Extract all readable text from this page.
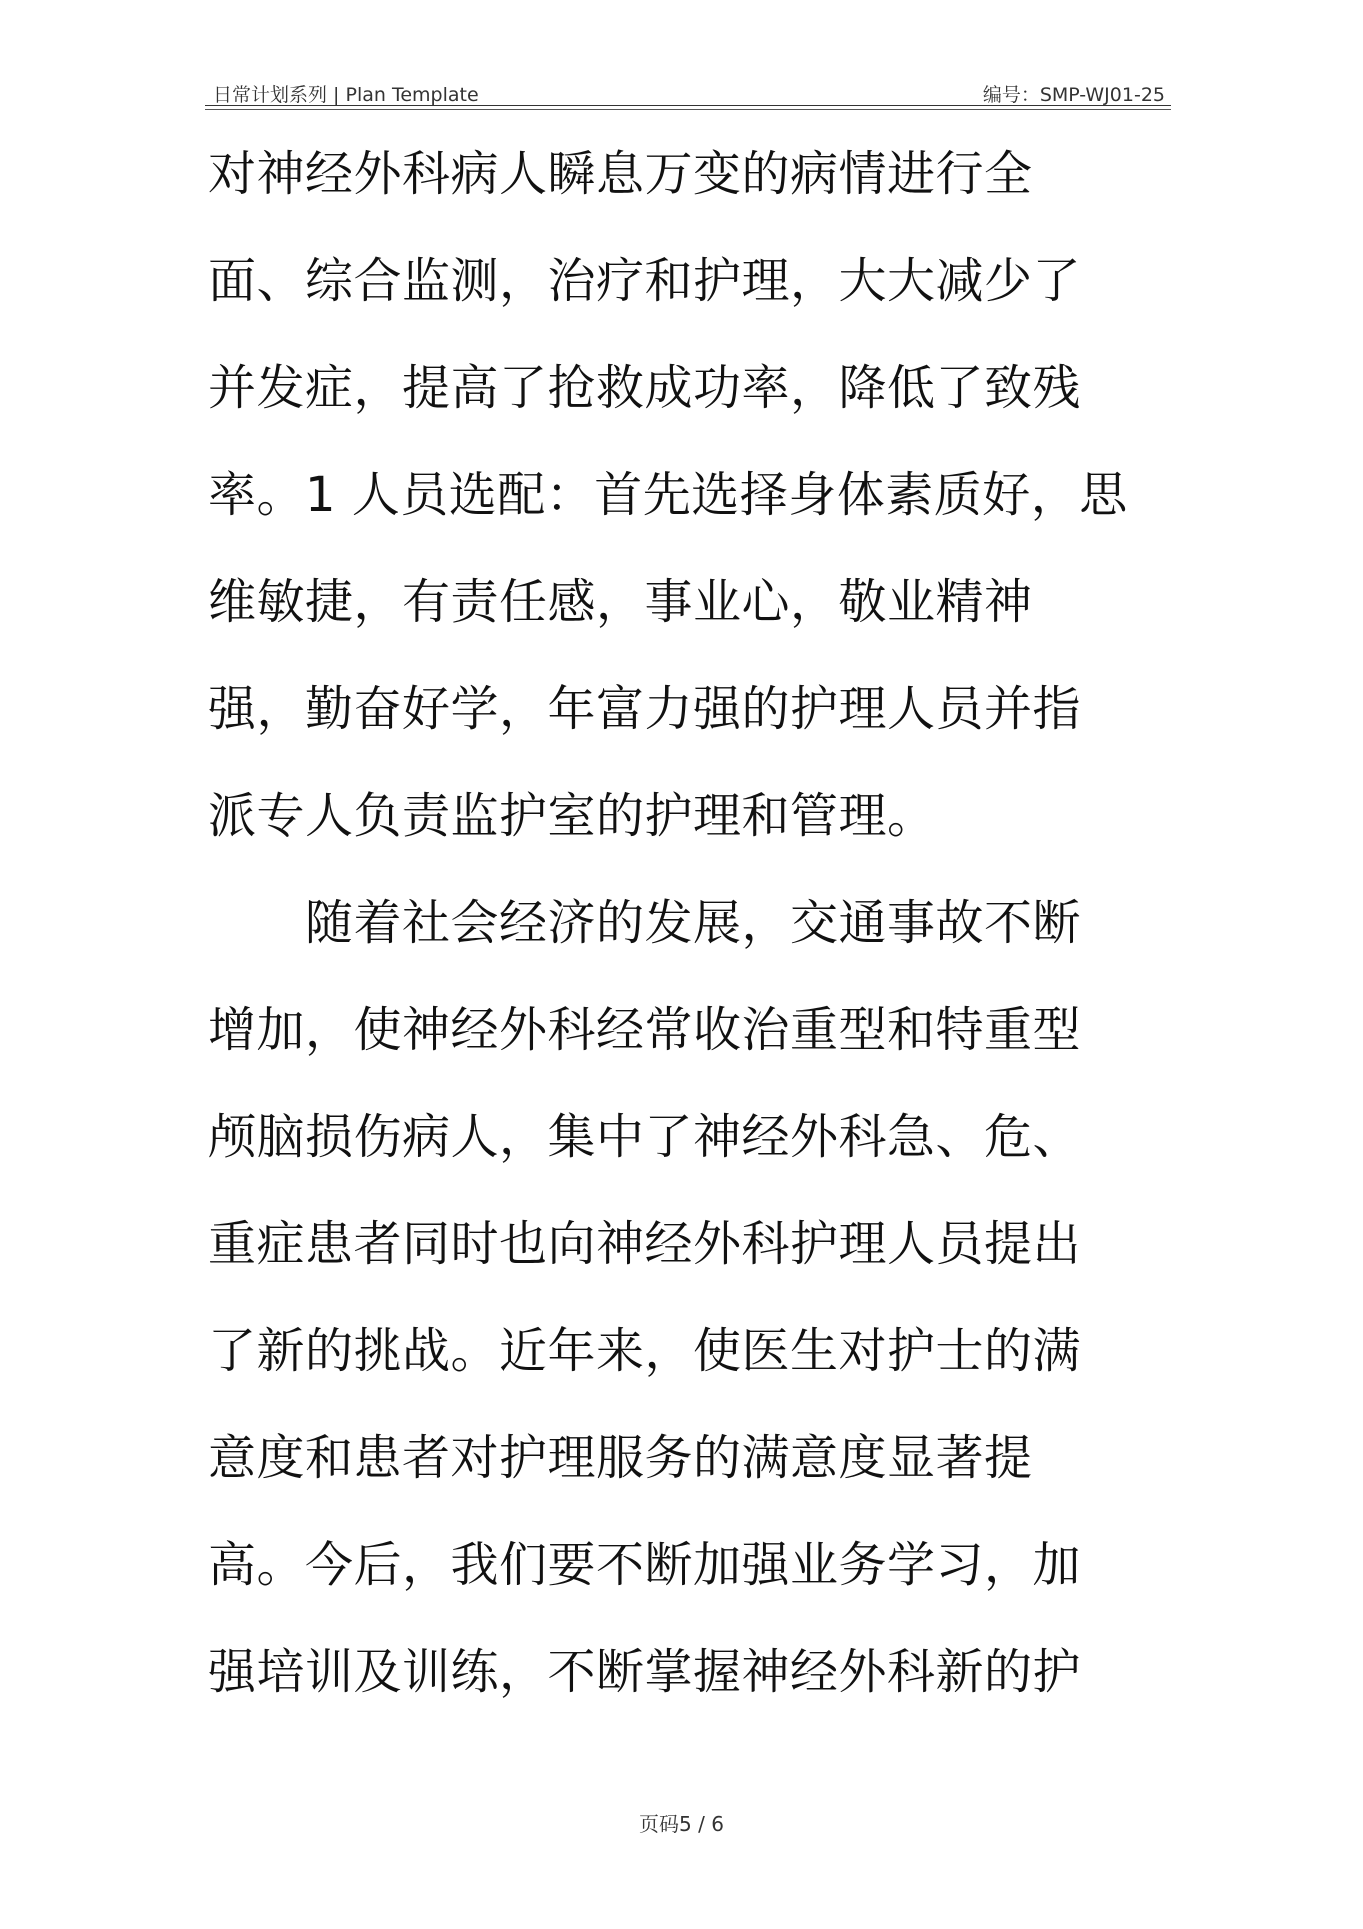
日常计划系列 | Plan Template	编号：SMP-WJ01-25
对神经外科病人瞬息万变的病情进行全
面、综合监测，治疗和护理，大大减少了
并发症，提高了抢救成功率，降低了致残
率。1 人员选配：首先选择身体素质好，思
维敏捷，有责任感，事业心，敬业精神
强，勤奋好学，年富力强的护理人员并指
派专人负责监护室的护理和管理。
　　随着社会经济的发展，交通事故不断
增加，使神经外科经常收治重型和特重型
颅脑损伤病人，集中了神经外科急、危、
重症患者同时也向神经外科护理人员提出
了新的挑战。近年来，使医生对护士的满
意度和患者对护理服务的满意度显著提
高。今后，我们要不断加强业务学习，加
强培训及训练，不断掌握神经外科新的护
页码5 / 6
